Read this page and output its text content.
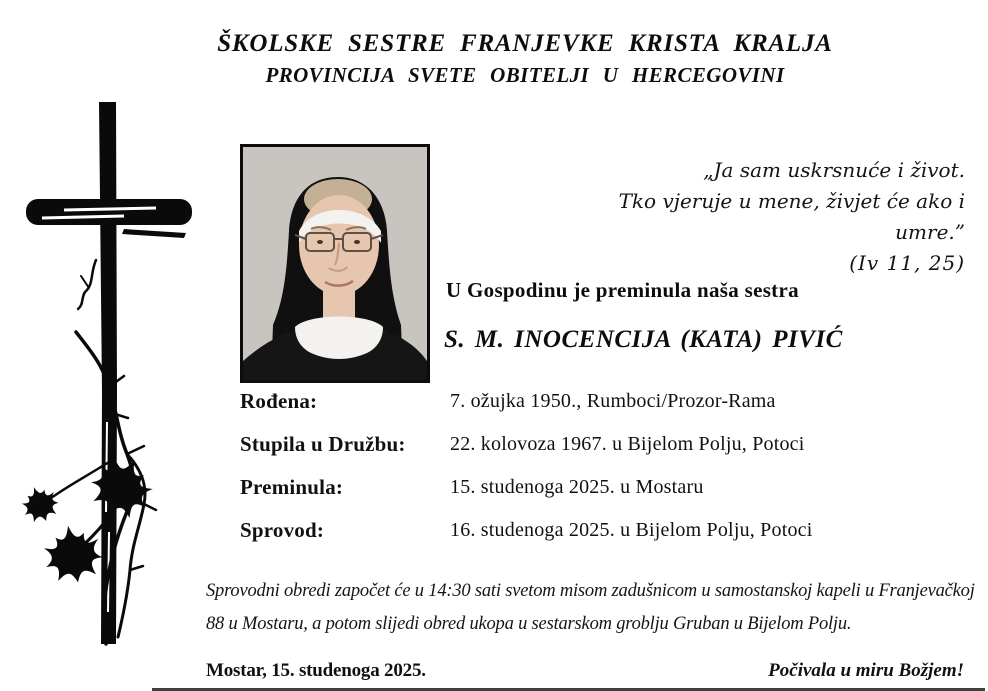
ŠKOLSKE SESTRE FRANJEVKE KRISTA KRALJA
PROVINCIJA SVETE OBITELJI U HERCEGOVINI
„Ja sam uskrsnuće i život.
Tko vjeruje u mene, živjet će ako i umre.”
(Iv 11, 25)
U Gospodinu je preminula naša sestra
S. M. INOCENCIJA (KATA) PIVIĆ
Rođena:	7. ožujka 1950., Rumboci/Prozor-Rama
Stupila u Družbu:	22. kolovoza 1967. u Bijelom Polju, Potoci
Preminula:	15. studenoga 2025. u Mostaru
Sprovod:	16. studenoga 2025. u Bijelom Polju, Potoci

Sprovodni obredi započet će u 14:30 sati svetom misom zadušnicom u samostanskoj kapeli u Franjevačkoj 88 u Mostaru, a potom slijedi obred ukopa u sestarskom groblju Gruban u Bijelom Polju.

Mostar, 15. studenoga 2025.	Počivala u miru Božjem!
